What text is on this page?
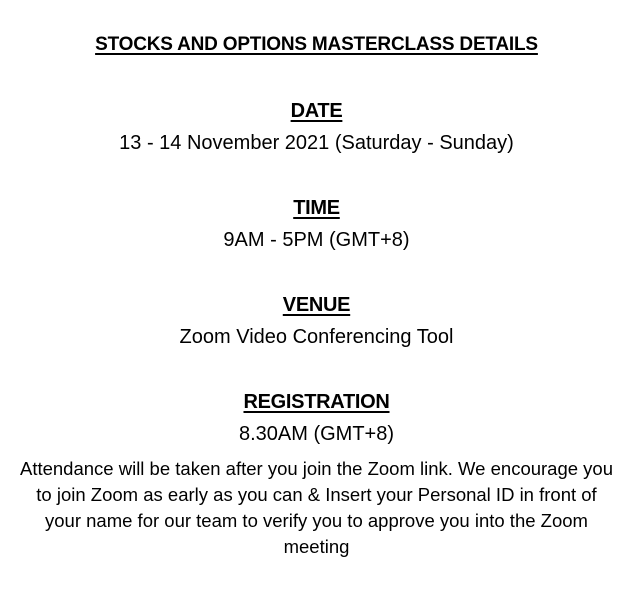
STOCKS AND OPTIONS MASTERCLASS DETAILS
DATE
13 - 14 November 2021 (Saturday - Sunday)
TIME
9AM - 5PM (GMT+8)
VENUE
Zoom Video Conferencing Tool
REGISTRATION
8.30AM (GMT+8)
Attendance will be taken after you join the Zoom link. We encourage you to join Zoom as early as you can & Insert your Personal ID in front of your name for our team to verify you to approve you into the Zoom meeting
